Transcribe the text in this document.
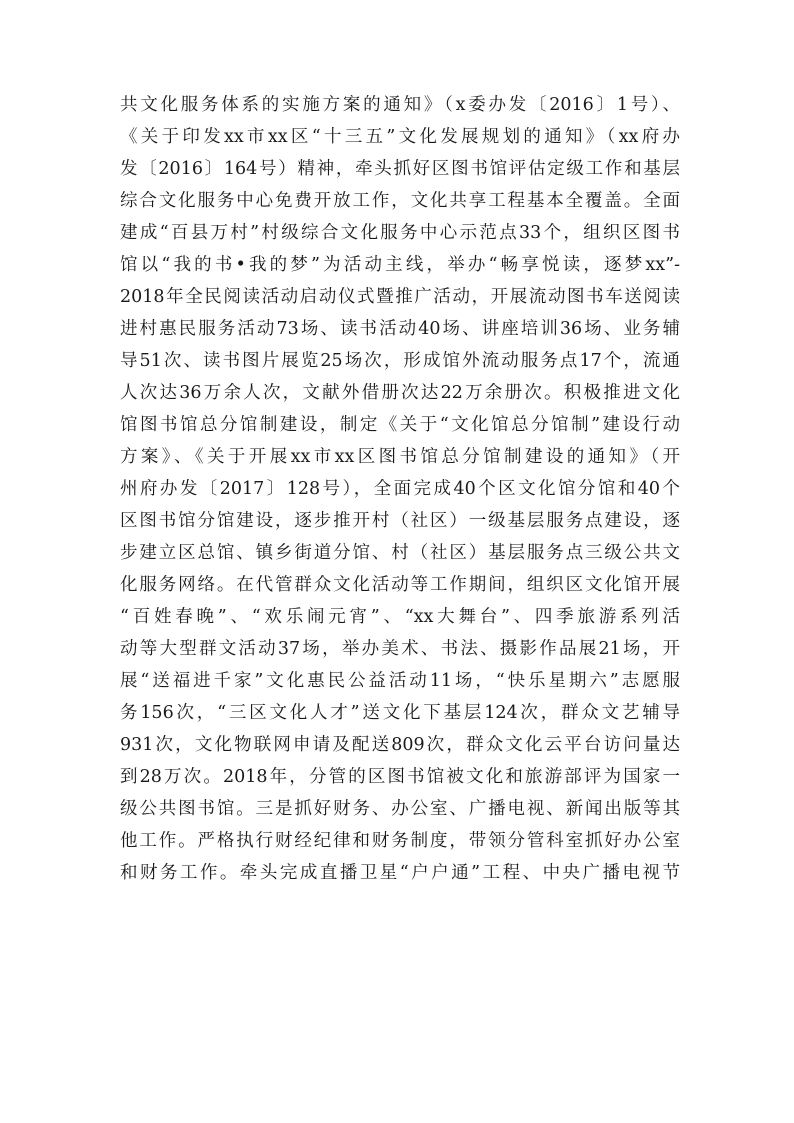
共文化服务体系的实施方案的通知》（x委办发〔2016〕1号）、
《关于印发xx市xx区“十三五”文化发展规划的通知》（xx府办
发〔2016〕164号）精神，牵头抓好区图书馆评估定级工作和基层
综合文化服务中心免费开放工作，文化共享工程基本全覆盖。全面
建成“百县万村”村级综合文化服务中心示范点33个，组织区图书
馆以“我的书•我的梦”为活动主线，举办“畅享悦读，逐梦xx”-
2018年全民阅读活动启动仪式暨推广活动，开展流动图书车送阅读
进村惠民服务活动73场、读书活动40场、讲座培训36场、业务辅
导51次、读书图片展览25场次，形成馆外流动服务点17个，流通
人次达36万余人次，文献外借册次达22万余册次。积极推进文化
馆图书馆总分馆制建设，制定《关于“文化馆总分馆制”建设行动
方案》、《关于开展xx市xx区图书馆总分馆制建设的通知》（开
州府办发〔2017〕128号），全面完成40个区文化馆分馆和40个
区图书馆分馆建设，逐步推开村（社区）一级基层服务点建设，逐
步建立区总馆、镇乡街道分馆、村（社区）基层服务点三级公共文
化服务网络。在代管群众文化活动等工作期间，组织区文化馆开展
“百姓春晚”、“欢乐闹元宵”、“xx大舞台”、四季旅游系列活
动等大型群文活动37场，举办美术、书法、摄影作品展21场，开
展“送福进千家”文化惠民公益活动11场，“快乐星期六”志愿服
务156次，“三区文化人才”送文化下基层124次，群众文艺辅导
931次，文化物联网申请及配送809次，群众文化云平台访问量达
到28万次。2018年，分管的区图书馆被文化和旅游部评为国家一
级公共图书馆。三是抓好财务、办公室、广播电视、新闻出版等其
他工作。严格执行财经纪律和财务制度，带领分管科室抓好办公室
和财务工作。牵头完成直播卫星“户户通”工程、中央广播电视节
